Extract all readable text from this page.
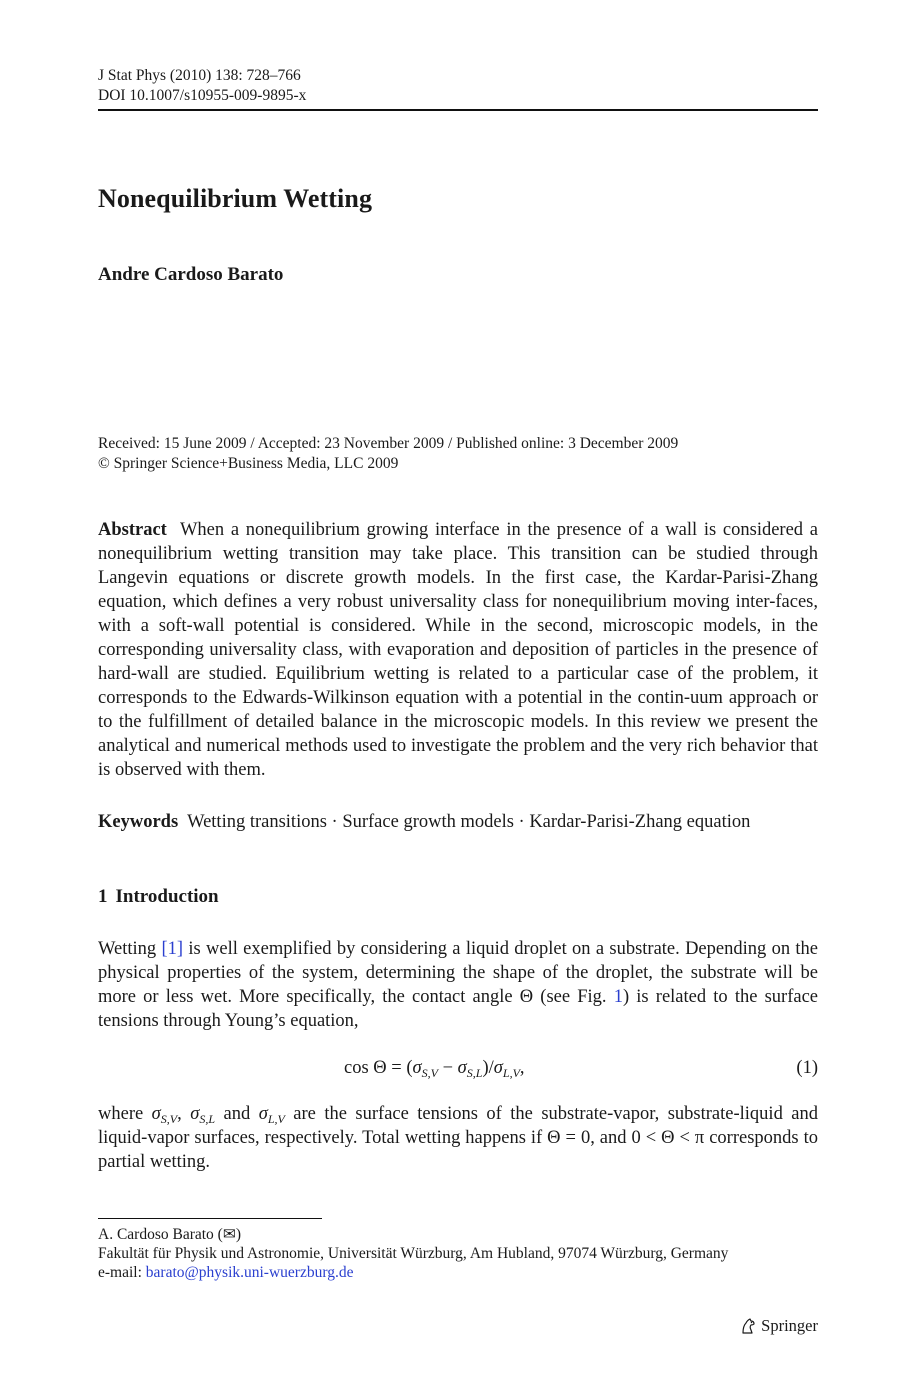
J Stat Phys (2010) 138: 728–766
DOI 10.1007/s10955-009-9895-x
Nonequilibrium Wetting
Andre Cardoso Barato
Received: 15 June 2009 / Accepted: 23 November 2009 / Published online: 3 December 2009
© Springer Science+Business Media, LLC 2009
Abstract When a nonequilibrium growing interface in the presence of a wall is considered a nonequilibrium wetting transition may take place. This transition can be studied through Langevin equations or discrete growth models. In the first case, the Kardar-Parisi-Zhang equation, which defines a very robust universality class for nonequilibrium moving inter-faces, with a soft-wall potential is considered. While in the second, microscopic models, in the corresponding universality class, with evaporation and deposition of particles in the presence of hard-wall are studied. Equilibrium wetting is related to a particular case of the problem, it corresponds to the Edwards-Wilkinson equation with a potential in the contin-uum approach or to the fulfillment of detailed balance in the microscopic models. In this review we present the analytical and numerical methods used to investigate the problem and the very rich behavior that is observed with them.
Keywords Wetting transitions · Surface growth models · Kardar-Parisi-Zhang equation
1 Introduction
Wetting [1] is well exemplified by considering a liquid droplet on a substrate. Depending on the physical properties of the system, determining the shape of the droplet, the substrate will be more or less wet. More specifically, the contact angle Θ (see Fig. 1) is related to the surface tensions through Young’s equation,
$\cos \Theta = (\sigma_{S,V} - \sigma_{S,L})/\sigma_{L,V}$,	(1)
where $\sigma_{S,V}$, $\sigma_{S,L}$ and $\sigma_{L,V}$ are the surface tensions of the substrate-vapor, substrate-liquid and liquid-vapor surfaces, respectively. Total wetting happens if Θ = 0, and 0 < Θ < π corresponds to partial wetting.
A. Cardoso Barato (✉)
Fakultät für Physik und Astronomie, Universität Würzburg, Am Hubland, 97074 Würzburg, Germany
e-mail: barato@physik.uni-wuerzburg.de
Springer
